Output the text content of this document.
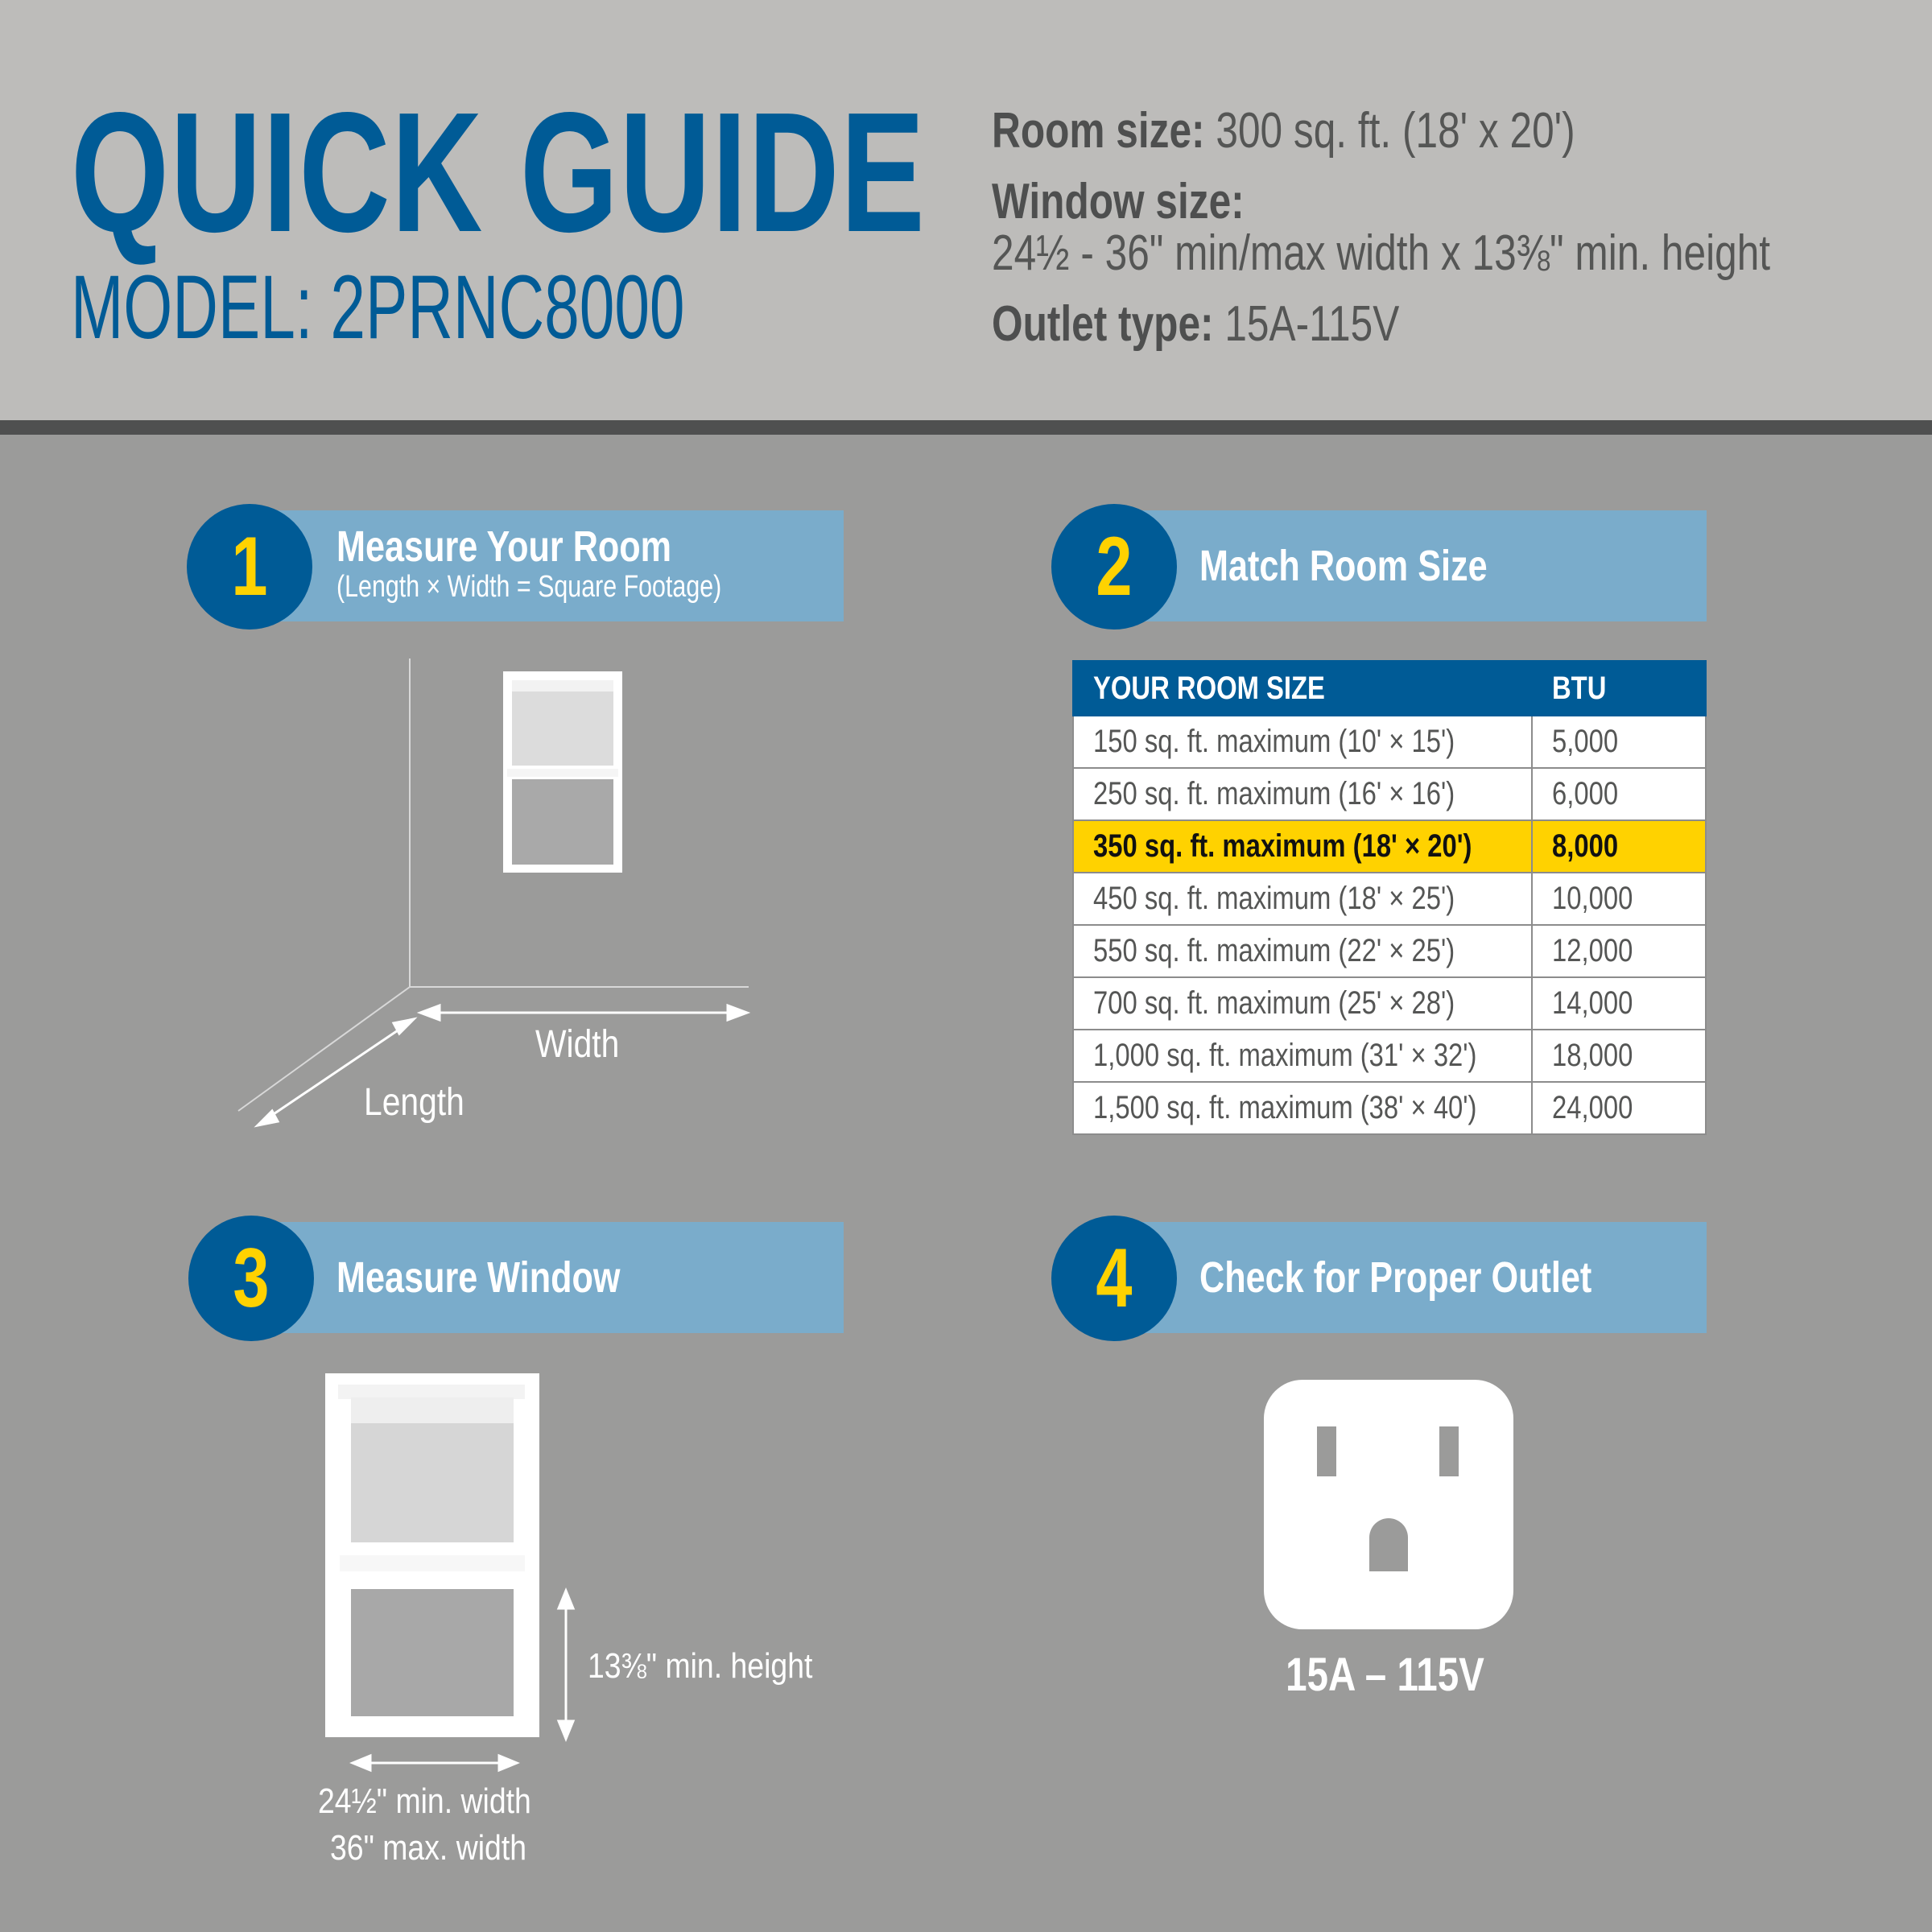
QUICK GUIDE
MODEL: 2PRNC8000
Room size: 300 sq. ft. (18' x 20')
Window size:
24½ - 36" min/max width x 13⅜" min. height
Outlet type: 15A-115V
1	Measure Your Room
(Length × Width = Square Footage)	2	Match Room Size
3	Measure Window	4	Check for Proper Outlet
Width
Length
YOUR ROOM SIZE	BTU
150 sq. ft. maximum (10' × 15')	5,000
250 sq. ft. maximum (16' × 16')	6,000
350 sq. ft. maximum (18' × 20')	8,000
450 sq. ft. maximum (18' × 25')	10,000
550 sq. ft. maximum (22' × 25')	12,000
700 sq. ft. maximum (25' × 28')	14,000
1,000 sq. ft. maximum (31' × 32')	18,000
1,500 sq. ft. maximum (38' × 40')	24,000
13⅜" min. height
24½" min. width
36" max. width
15A – 115V
